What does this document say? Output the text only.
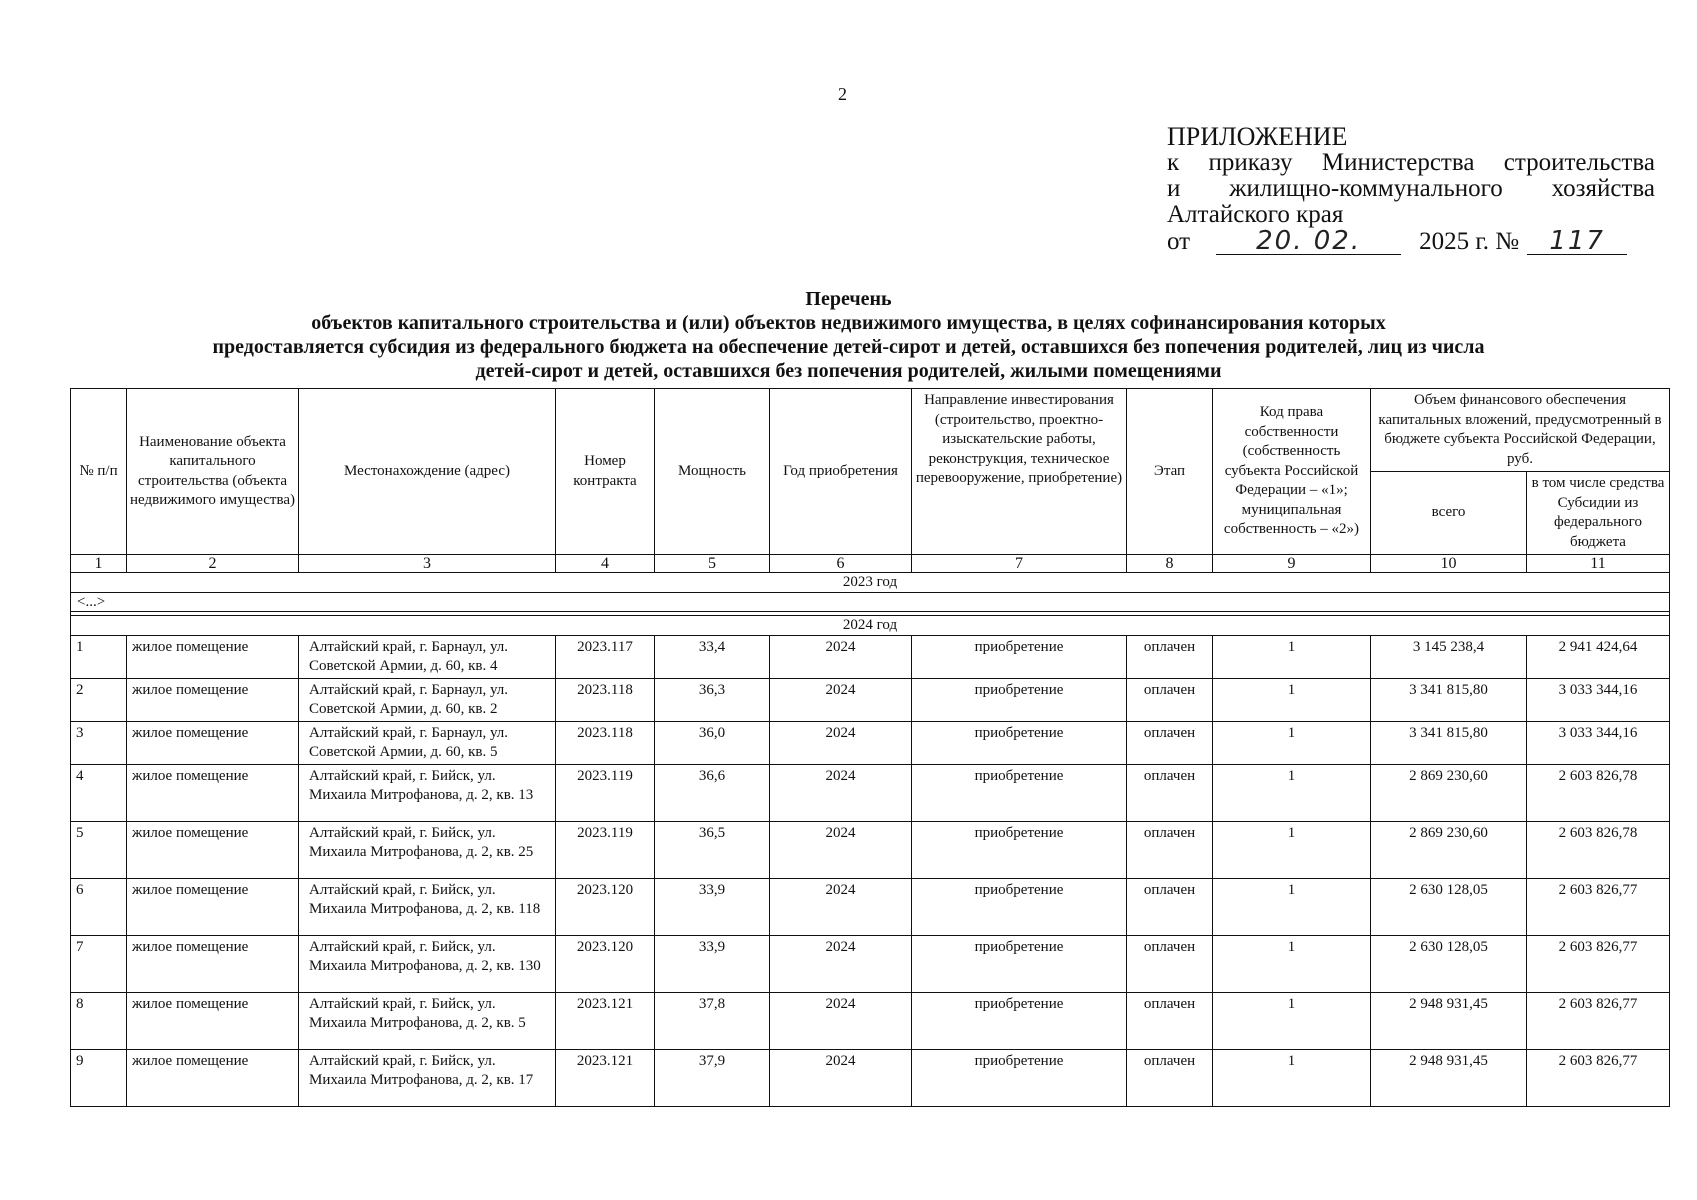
2
ПРИЛОЖЕНИЕ
к приказу Министерства строительства
и жилищно-коммунального хозяйства
Алтайского края
от	20. 02.	2025 г. №	117
Перечень
объектов капитального строительства и (или) объектов недвижимого имущества, в целях софинансирования которых
предоставляется субсидия из федерального бюджета на обеспечение детей-сирот и детей, оставшихся без попечения родителей, лиц из числа
детей-сирот и детей, оставшихся без попечения родителей, жилыми помещениями
№ п/п	Наименование объекта капитального строительства (объекта недвижимого имущества)	Местонахождение (адрес)	Номер контракта	Мощность	Год приобретения	Направление инвестирования (строительство, проектно-изыскательские работы, реконструкция, техническое перевооружение, приобретение)	Этап	Код права собственности (собственность субъекта Российской Федерации – «1»; муниципальная собственность – «2»)	Объем финансового обеспечения капитальных вложений, предусмотренный в бюджете субъекта Российской Федерации, руб.	
									всего	в том числе средства Субсидии из федерального бюджета
1	2	3	4	5	6	7	8	9	10	11
2023 год										
<...>										

2024 год										
1	жилое помещение	Алтайский край, г. Барнаул, ул. Советской Армии, д. 60, кв. 4	2023.117	33,4	2024	приобретение	оплачен	1	3 145 238,4	2 941 424,64
2	жилое помещение	Алтайский край, г. Барнаул, ул. Советской Армии, д. 60, кв. 2	2023.118	36,3	2024	приобретение	оплачен	1	3 341 815,80	3 033 344,16
3	жилое помещение	Алтайский край, г. Барнаул, ул. Советской Армии, д. 60, кв. 5	2023.118	36,0	2024	приобретение	оплачен	1	3 341 815,80	3 033 344,16
4	жилое помещение	Алтайский край, г. Бийск, ул. Михаила Митрофанова, д. 2, кв. 13	2023.119	36,6	2024	приобретение	оплачен	1	2 869 230,60	2 603 826,78
5	жилое помещение	Алтайский край, г. Бийск, ул. Михаила Митрофанова, д. 2, кв. 25	2023.119	36,5	2024	приобретение	оплачен	1	2 869 230,60	2 603 826,78
6	жилое помещение	Алтайский край, г. Бийск, ул. Михаила Митрофанова, д. 2, кв. 118	2023.120	33,9	2024	приобретение	оплачен	1	2 630 128,05	2 603 826,77
7	жилое помещение	Алтайский край, г. Бийск, ул. Михаила Митрофанова, д. 2, кв. 130	2023.120	33,9	2024	приобретение	оплачен	1	2 630 128,05	2 603 826,77
8	жилое помещение	Алтайский край, г. Бийск, ул. Михаила Митрофанова, д. 2, кв. 5	2023.121	37,8	2024	приобретение	оплачен	1	2 948 931,45	2 603 826,77
9	жилое помещение	Алтайский край, г. Бийск, ул. Михаила Митрофанова, д. 2, кв. 17	2023.121	37,9	2024	приобретение	оплачен	1	2 948 931,45	2 603 826,77
